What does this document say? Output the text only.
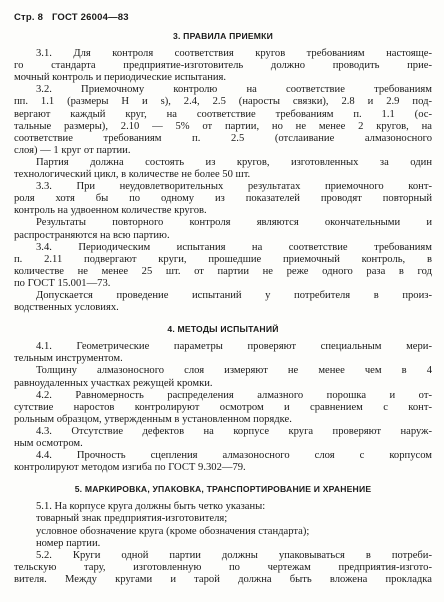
Стр. 8 ГОСТ 26004—83
3. ПРАВИЛА ПРИЕМКИ
3.1. Для контроля соответствия кругов требованиям настояще-
го стандарта предприятие-изготовитель должно проводить прие-
мочный контроль и периодические испытания.
3.2. Приемочному контролю на соответствие требованиям
пп. 1.1 (размеры H и s), 2.4, 2.5 (наросты связки), 2.8 и 2.9 под-
вергают каждый круг, на соответствие требованиям п. 1.1 (ос-
тальные размеры), 2.10 — 5% от партии, но не менее 2 кругов, на
соответствие требованиям п. 2.5 (отслаивание алмазоносного
слоя) — 1 круг от партии.
Партия должна состоять из кругов, изготовленных за один
технологический цикл, в количестве не более 50 шт.
3.3. При неудовлетворительных результатах приемочного конт-
роля хотя бы по одному из показателей проводят повторный
контроль на удвоенном количестве кругов.
Результаты повторного контроля являются окончательными и
распространяются на всю партию.
3.4. Периодическим испытания на соответствие требованиям
п. 2.11 подвергают круги, прошедшие приемочный контроль, в
количестве не менее 25 шт. от партии не реже одного раза в год
по ГОСТ 15.001—73.
Допускается проведение испытаний у потребителя в произ-
водственных условиях.
4. МЕТОДЫ ИСПЫТАНИЙ
4.1. Геометрические параметры проверяют специальным мери-
тельным инструментом.
Толщину алмазоносного слоя измеряют не менее чем в 4
равноудаленных участках режущей кромки.
4.2. Равномерность распределения алмазного порошка и от-
сутствие наростов контролируют осмотром и сравнением с конт-
рольным образцом, утвержденным в установленном порядке.
4.3. Отсутствие дефектов на корпусе круга проверяют наруж-
ным осмотром.
4.4. Прочность сцепления алмазоносного слоя с корпусом
контролируют методом изгиба по ГОСТ 9.302—79.
5. МАРКИРОВКА, УПАКОВКА, ТРАНСПОРТИРОВАНИЕ И ХРАНЕНИЕ
5.1. На корпусе круга должны быть четко указаны:
товарный знак предприятия-изготовителя;
условное обозначение круга (кроме обозначения стандарта);
номер партии.
5.2. Круги одной партии должны упаковываться в потреби-
тельскую тару, изготовленную по чертежам предприятия-изгото-
вителя. Между кругами и тарой должна быть вложена прокладка
